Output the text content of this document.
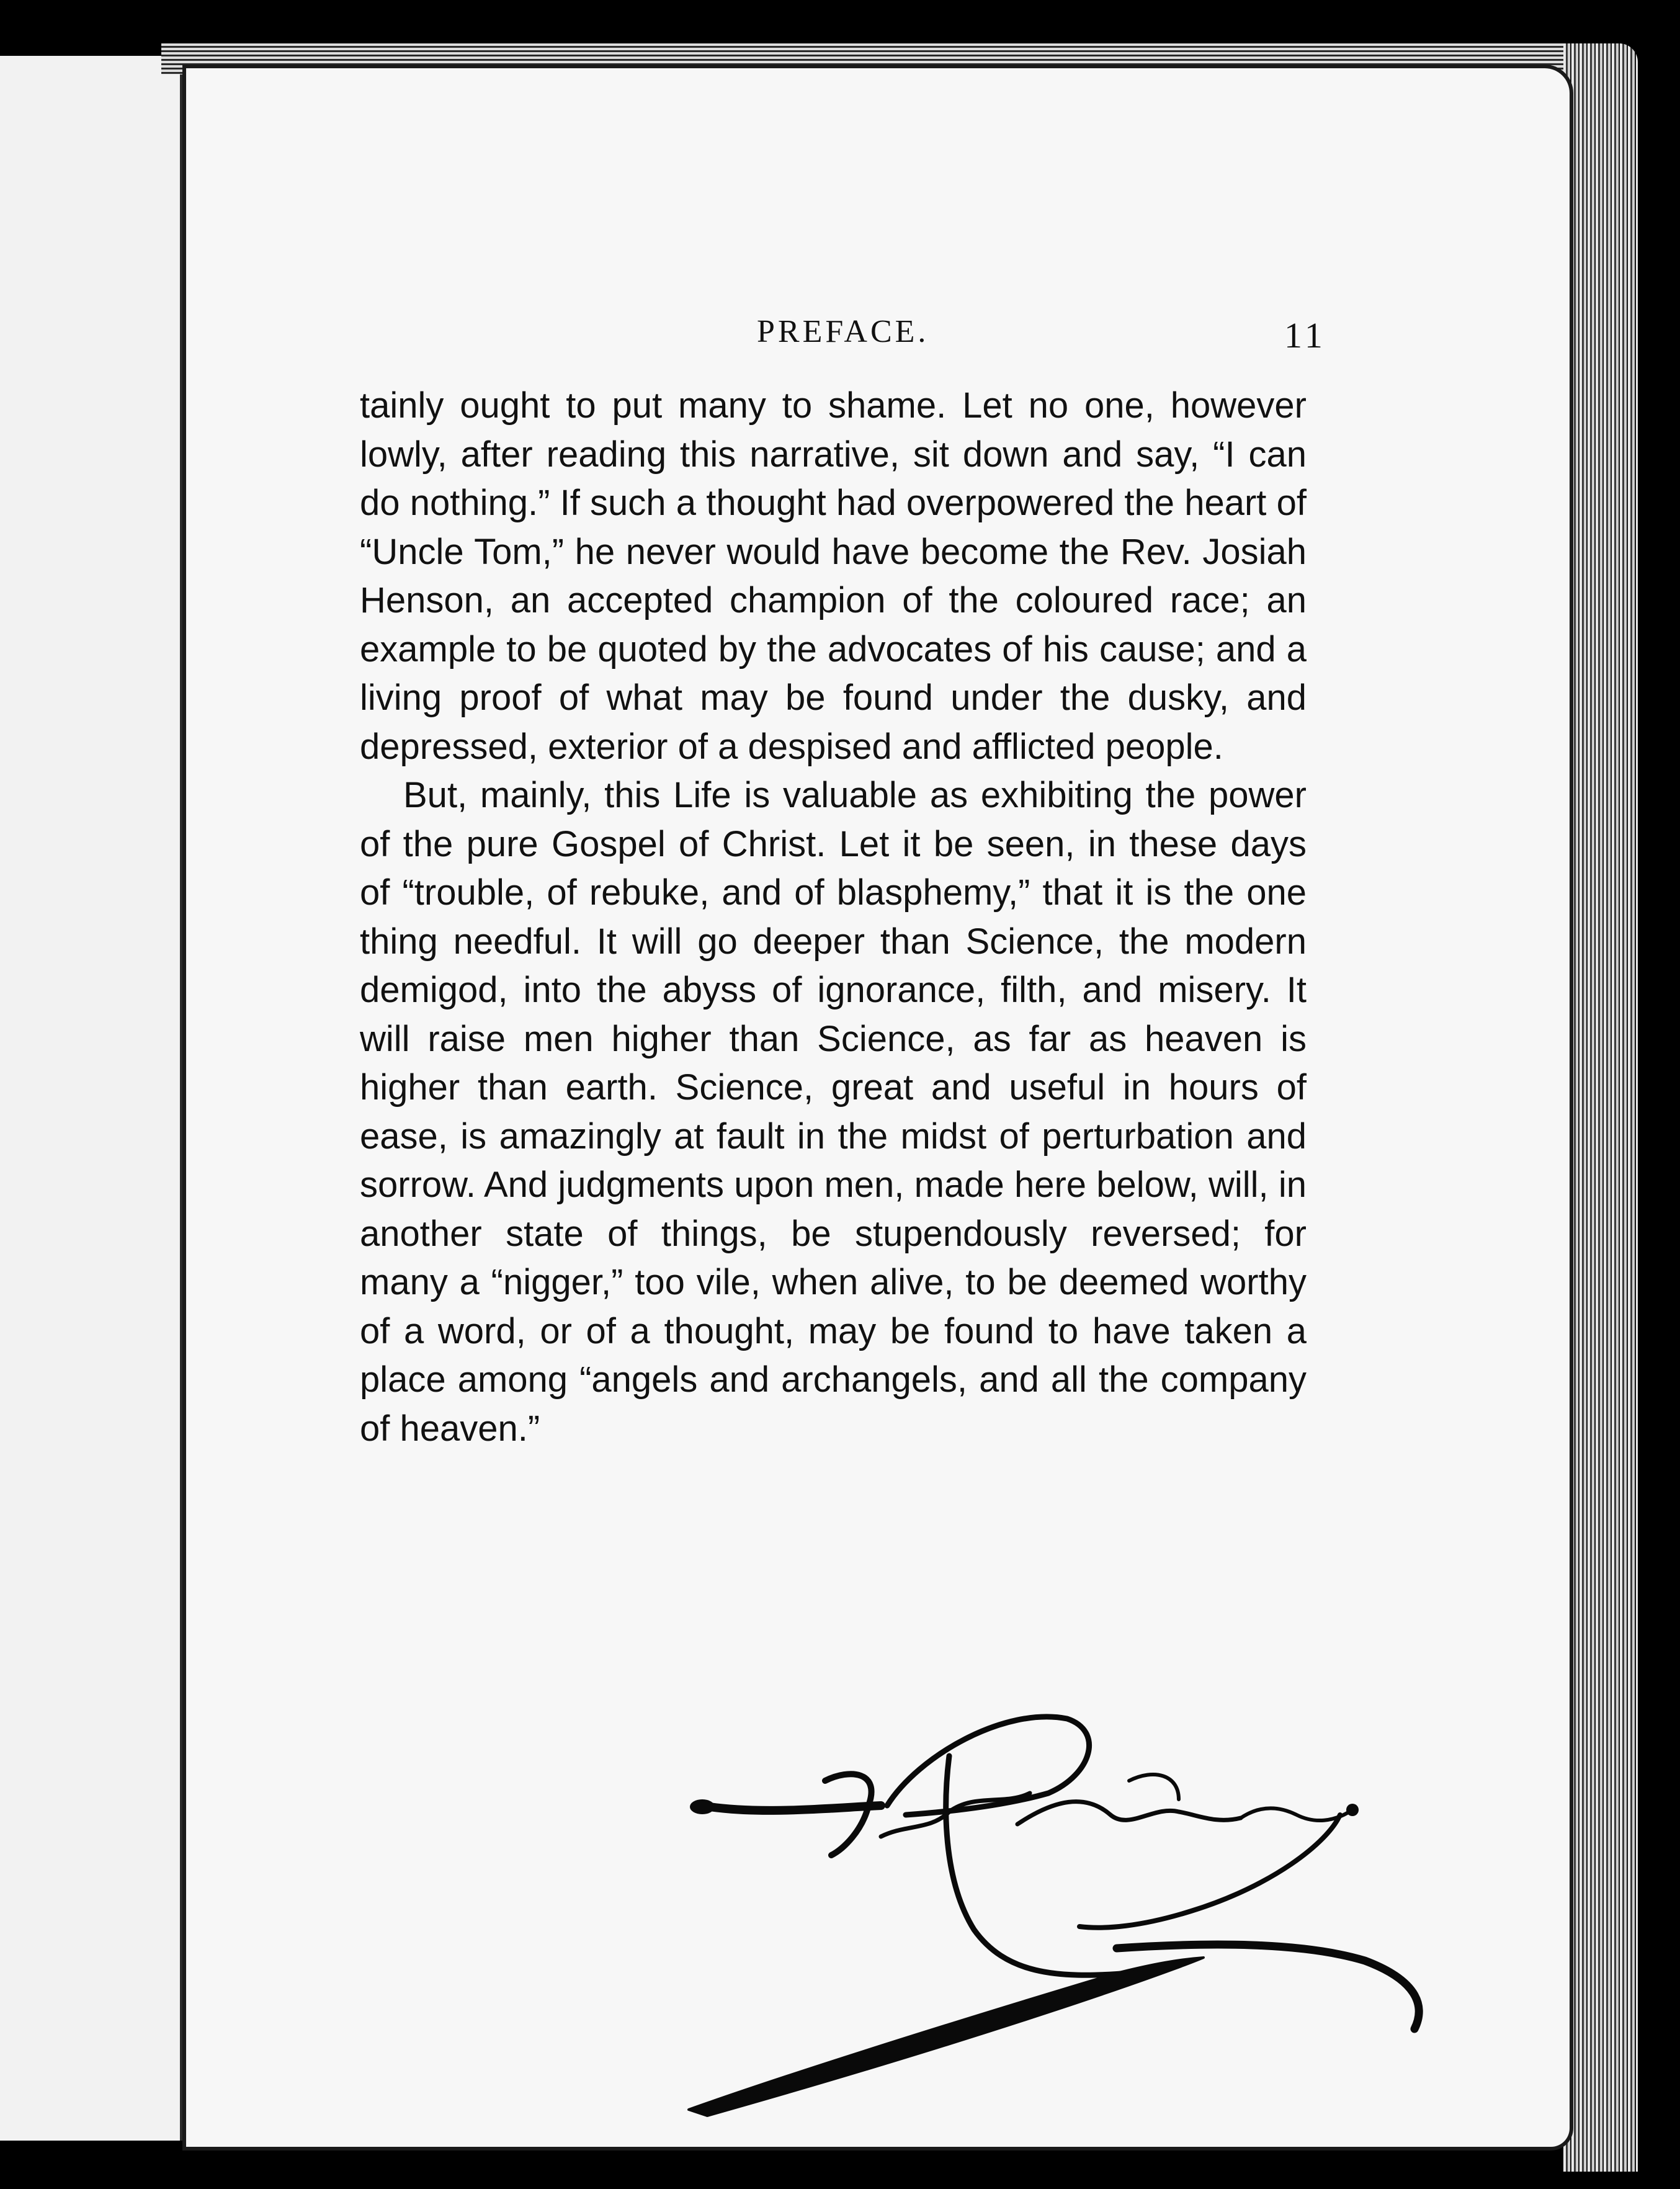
PREFACE.	11

tainly ought to put many to shame. Let no one, however lowly, after reading this narrative, sit down and say, “I can do nothing.” If such a thought had overpowered the heart of “Uncle Tom,” he never would have become the Rev. Josiah Henson, an accepted champion of the coloured race; an example to be quoted by the advocates of his cause; and a living proof of what may be found under the dusky, and depressed, exterior of a despised and afflicted people.

But, mainly, this Life is valuable as exhibiting the power of the pure Gospel of Christ. Let it be seen, in these days of “trouble, of rebuke, and of blasphemy,” that it is the one thing needful. It will go deeper than Science, the modern demigod, into the abyss of ignorance, filth, and misery. It will raise men higher than Science, as far as heaven is higher than earth. Science, great and useful in hours of ease, is amazingly at fault in the midst of perturbation and sorrow. And judgments upon men, made here below, will, in another state of things, be stupendously reversed; for many a “nigger,” too vile, when alive, to be deemed worthy of a word, or of a thought, may be found to have taken a place among “angels and archangels, and all the company of heaven.”
